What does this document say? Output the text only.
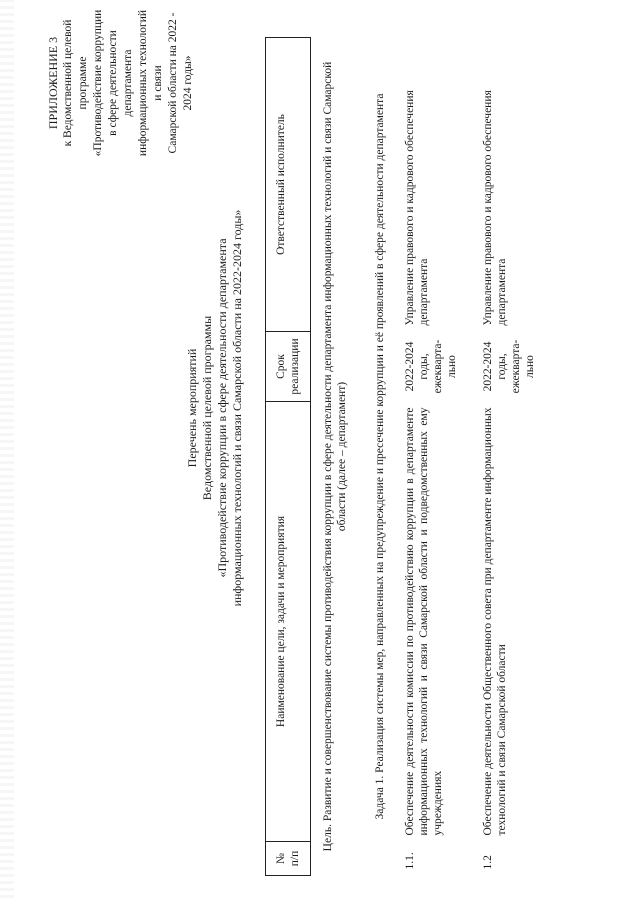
ПРИЛОЖЕНИЕ 3 к Ведомственной целевой программе «Противодействие коррупции в сфере деятельности департамента информационных технологий и связи Самарской области на 2022 - 2024 годы»
Перечень мероприятий Ведомственной целевой программы «Противодействие коррупции в сфере деятельности департамента информационных технологий и связи Самарской области на 2022-2024 годы»
№ п/п	Наименование цели, задачи и мероприятия	Срок реализации	Ответственный исполнитель
Цель. Развитие и совершенствование системы противодействия коррупции в сфере деятельности департамента информационных технологий и связи Самарской области (далее – департамент)			
Задача 1. Реализация системы мер, направленных на предупреждение и пресечение коррупции и её проявлений в сфере деятельности департамента			
1.1.	Обеспечение деятельности комиссии по противодействию коррупции в департаменте информационных технологий и связи Самарской области и подведомственных ему учреждениях	2022-2024 годы, ежекварта-льно	Управление правового и кадрового обеспечения департамента
1.2	Обеспечение деятельности Общественного совета при департаменте информационных технологий и связи Самарской области	2022-2024 годы, ежекварта-льно	Управление правового и кадрового обеспечения департамента
